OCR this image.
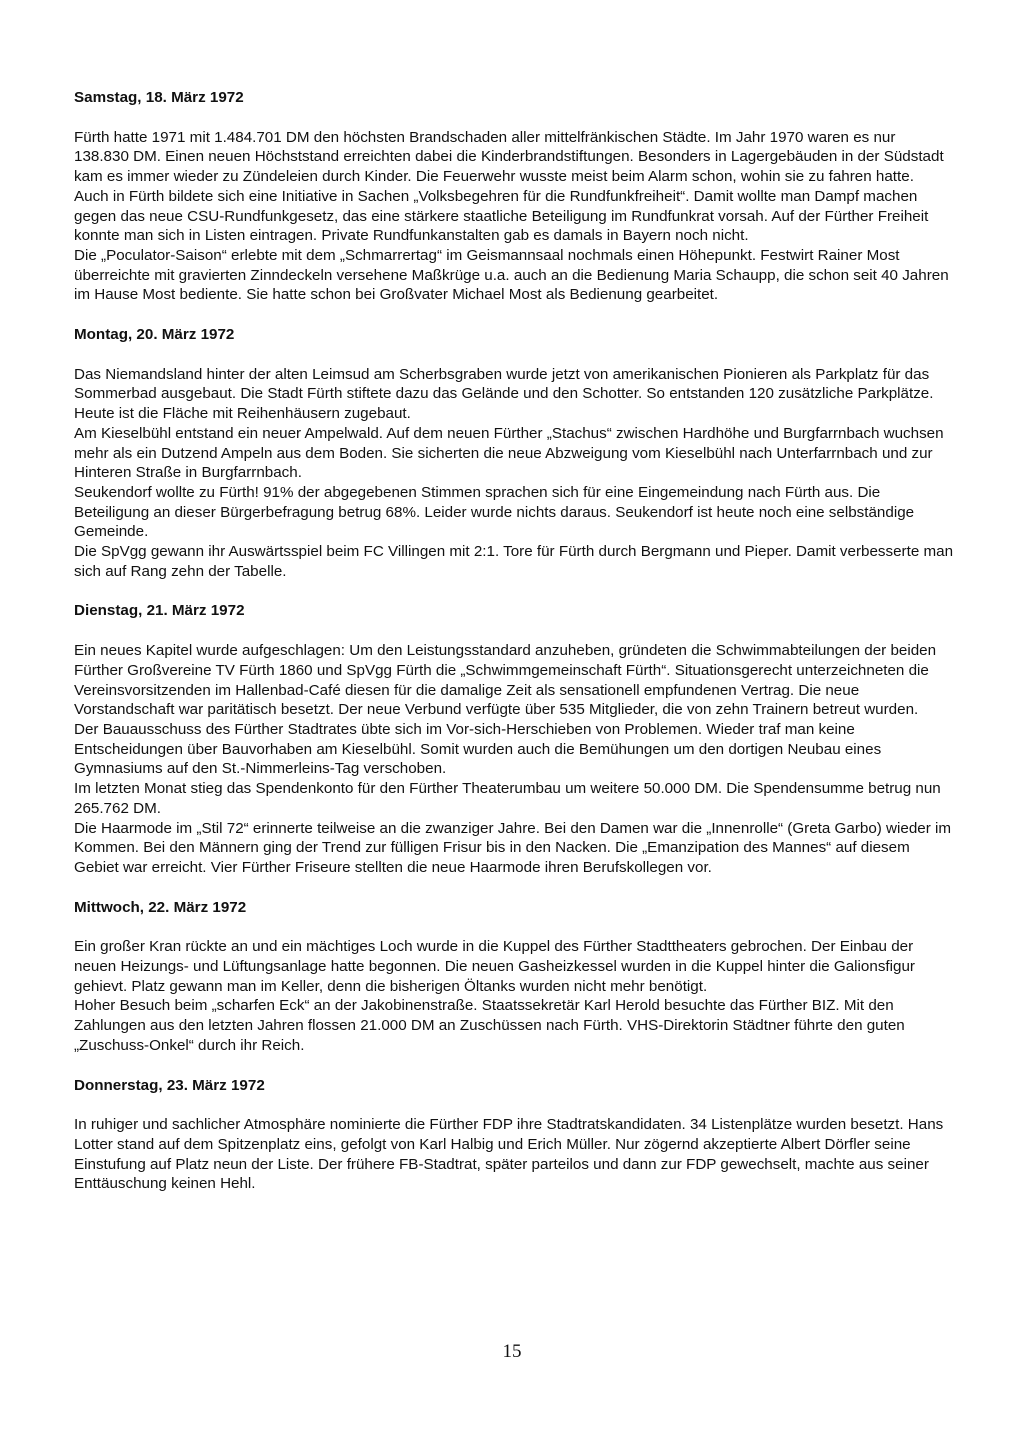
Samstag, 18. März 1972

Fürth hatte 1971 mit 1.484.701 DM den höchsten Brandschaden aller mittelfränkischen Städte. Im Jahr 1970 waren es nur 138.830 DM. Einen neuen Höchststand erreichten dabei die Kinderbrandstiftungen. Besonders in Lagergebäuden in der Südstadt kam es immer wieder zu Zündeleien durch Kinder. Die Feuerwehr wusste meist beim Alarm schon, wohin sie zu fahren hatte.

Auch in Fürth bildete sich eine Initiative in Sachen „Volksbegehren für die Rundfunkfreiheit“. Damit wollte man Dampf machen gegen das neue CSU-Rundfunkgesetz, das eine stärkere staatliche Beteiligung im Rundfunkrat vorsah. Auf der Fürther Freiheit konnte man sich in Listen eintragen. Private Rundfunkanstalten gab es damals in Bayern noch nicht.

Die „Poculator-Saison“ erlebte mit dem „Schmarrertag“ im Geismannsaal nochmals einen Höhepunkt. Festwirt Rainer Most überreichte mit gravierten Zinndeckeln versehene Maßkrüge u.a. auch an die Bedienung Maria Schaupp, die schon seit 40 Jahren im Hause Most bediente. Sie hatte schon bei Großvater Michael Most als Bedienung gearbeitet.

Montag, 20. März 1972

Das Niemandsland hinter der alten Leimsud am Scherbsgraben wurde jetzt von amerikanischen Pionieren als Parkplatz für das Sommerbad ausgebaut. Die Stadt Fürth stiftete dazu das Gelände und den Schotter. So entstanden 120 zusätzliche Parkplätze. Heute ist die Fläche mit Reihenhäusern zugebaut.

Am Kieselbühl entstand ein neuer Ampelwald. Auf dem neuen Fürther „Stachus“ zwischen Hardhöhe und Burgfarrnbach wuchsen mehr als ein Dutzend Ampeln aus dem Boden. Sie sicherten die neue Abzweigung vom Kieselbühl nach Unterfarrnbach und zur Hinteren Straße in Burgfarrnbach.

Seukendorf wollte zu Fürth! 91% der abgegebenen Stimmen sprachen sich für eine Eingemeindung nach Fürth aus. Die Beteiligung an dieser Bürgerbefragung betrug 68%. Leider wurde nichts daraus. Seukendorf ist heute noch eine selbständige Gemeinde.

Die SpVgg gewann ihr Auswärtsspiel beim FC Villingen mit 2:1. Tore für Fürth durch Bergmann und Pieper. Damit verbesserte man sich auf Rang zehn der Tabelle.

Dienstag, 21. März 1972

Ein neues Kapitel wurde aufgeschlagen: Um den Leistungsstandard anzuheben, gründeten die Schwimmabteilungen der beiden Fürther Großvereine TV Fürth 1860 und SpVgg Fürth die „Schwimmgemeinschaft Fürth“. Situationsgerecht unterzeichneten die Vereinsvorsitzenden im Hallenbad-Café diesen für die damalige Zeit als sensationell empfundenen Vertrag. Die neue Vorstandschaft war paritätisch besetzt. Der neue Verbund verfügte über 535 Mitglieder, die von zehn Trainern betreut wurden.

Der Bauausschuss des Fürther Stadtrates übte sich im Vor-sich-Herschieben von Problemen. Wieder traf man keine Entscheidungen über Bauvorhaben am Kieselbühl. Somit wurden auch die Bemühungen um den dortigen Neubau eines Gymnasiums auf den St.-Nimmerleins-Tag verschoben.

Im letzten Monat stieg das Spendenkonto für den Fürther Theaterumbau um weitere 50.000 DM. Die Spendensumme betrug nun 265.762 DM.

Die Haarmode im „Stil 72“ erinnerte teilweise an die zwanziger Jahre. Bei den Damen war die „Innenrolle“ (Greta Garbo) wieder im Kommen. Bei den Männern ging der Trend zur fülligen Frisur bis in den Nacken. Die „Emanzipation des Mannes“ auf diesem Gebiet war erreicht. Vier Fürther Friseure stellten die neue Haarmode ihren Berufskollegen vor.

Mittwoch, 22. März 1972

Ein großer Kran rückte an und ein mächtiges Loch wurde in die Kuppel des Fürther Stadttheaters gebrochen. Der Einbau der neuen Heizungs- und Lüftungsanlage hatte begonnen. Die neuen Gasheizkessel wurden in die Kuppel hinter die Galionsfigur gehievt. Platz gewann man im Keller, denn die bisherigen Öltanks wurden nicht mehr benötigt.

Hoher Besuch beim „scharfen Eck“ an der Jakobinenstraße. Staatssekretär Karl Herold besuchte das Fürther BIZ. Mit den Zahlungen aus den letzten Jahren flossen 21.000 DM an Zuschüssen nach Fürth. VHS-Direktorin Städtner führte den guten „Zuschuss-Onkel“ durch ihr Reich.

Donnerstag, 23. März 1972

In ruhiger und sachlicher Atmosphäre nominierte die Fürther FDP ihre Stadtratskandidaten. 34 Listenplätze wurden besetzt. Hans Lotter stand auf dem Spitzenplatz eins, gefolgt von Karl Halbig und Erich Müller. Nur zögernd akzeptierte Albert Dörfler seine Einstufung auf Platz neun der Liste. Der frühere FB-Stadtrat, später parteilos und dann zur FDP gewechselt, machte aus seiner Enttäuschung keinen Hehl.

15
